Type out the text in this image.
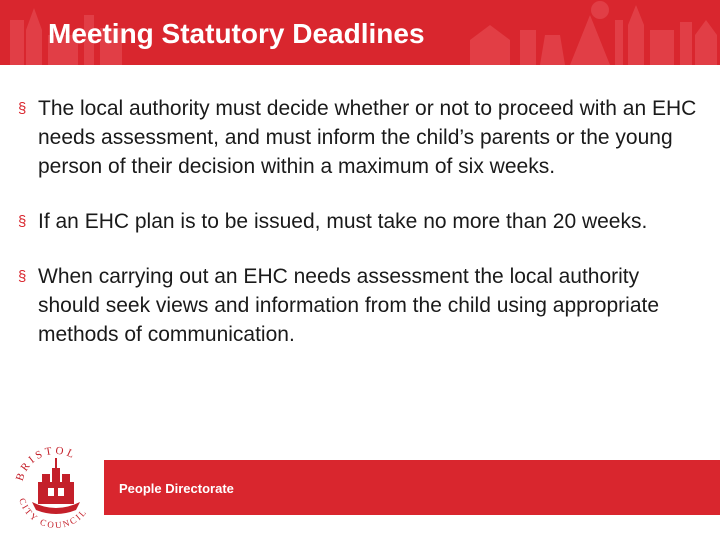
Meeting Statutory Deadlines

§ The local authority must decide whether or not to proceed with an EHC needs assessment, and must inform the child’s parents or the young person of their decision within a maximum of six weeks.

§ If an EHC plan is to be issued, must take no more than 20 weeks.

§ When carrying out an EHC needs assessment the local authority should seek views and information from the child using appropriate methods of communication.

BRISTOL
CITY COUNCIL
People Directorate
